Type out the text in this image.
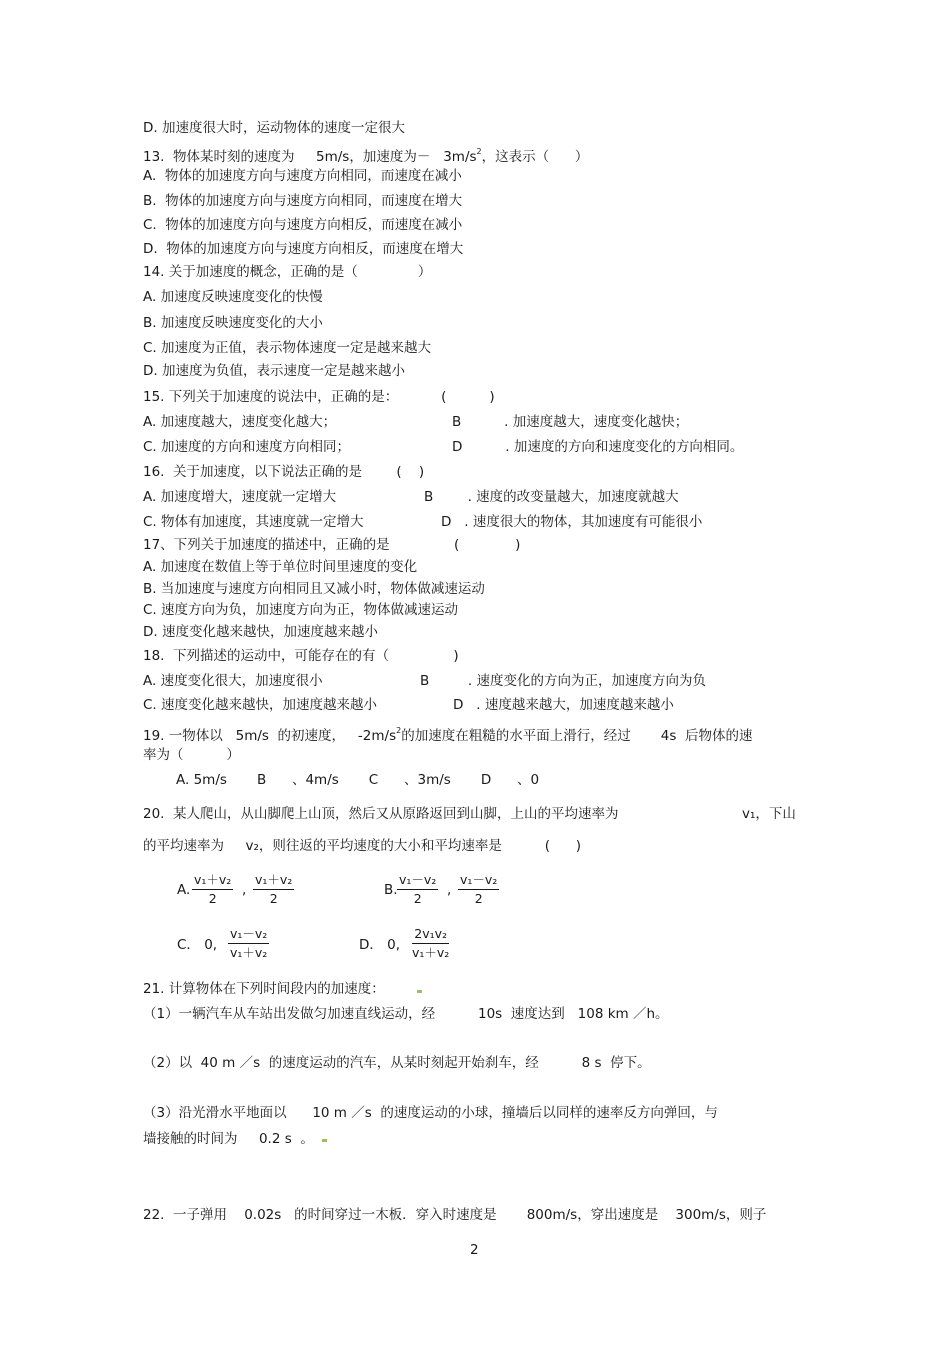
D. 加速度很大时，运动物体的速度一定很大
13.  物体某时刻的速度为     5m/s，加速度为－   $3m/s^2$，这表示（      ）
A.  物体的加速度方向与速度方向相同，而速度在减小
B.  物体的加速度方向与速度方向相同，而速度在增大
C.  物体的加速度方向与速度方向相反，而速度在减小
D.  物体的加速度方向与速度方向相反，而速度在增大
14. 关于加速度的概念，正确的是（              ）
A. 加速度反映速度变化的快慢
B. 加速度反映速度变化的大小
C. 加速度为正值，表示物体速度一定是越来越大
D. 加速度为负值，表示速度一定是越来越小
15. 下列关于加速度的说法中，正确的是：          (          )
A. 加速度越大，速度变化越大；	B          . 加速度越大，速度变化越快；
C. 加速度的方向和速度方向相同；	D          . 加速度的方向和速度变化的方向相同。
16.  关于加速度，以下说法正确的是        (    )
A. 加速度增大，速度就一定增大	B        . 速度的改变量越大，加速度就越大
C. 物体有加速度，其速度就一定增大	D   . 速度很大的物体，其加速度有可能很小
17、下列关于加速度的描述中，正确的是               (             )
A. 加速度在数值上等于单位时间里速度的变化
B. 当加速度与速度方向相同且又减小时，物体做减速运动
C. 速度方向为负，加速度方向为正，物体做减速运动
D. 速度变化越来越快，加速度越来越小
18.  下列描述的运动中，可能存在的有（               )
A. 速度变化很大，加速度很小	B         . 速度变化的方向为正，加速度方向为负
C. 速度变化越来越快，加速度越来越小	D   . 速度越来越大，加速度越来越小
19. 一物体以   5m/s  的初速度，   $-2m/s^2$的加速度在粗糙的水平面上滑行，经过       4s  后物体的速
率为（          ）
A. 5m/s       B      、4m/s       C      、3m/s       D      、0
20.  某人爬山，从山脚爬上山顶，然后又从原路返回到山脚，上山的平均速率为	v₁，下山
的平均速率为     v₂，则往返的平均速度的大小和平均速率是          (      )
A. $\frac{\text{v₁＋v₂}}{2}$ , $\frac{\text{v₁＋v₂}}{2}$	B. $\frac{\text{v₁－v₂}}{2}$ , $\frac{\text{v₁－v₂}}{2}$
C． 0, $\frac{\text{v₁－v₂}}{\text{v₁＋v₂}}$	D． 0, $\frac{\text{2v₁v₂}}{\text{v₁＋v₂}}$
21. 计算物体在下列时间段内的加速度：
（1）一辆汽车从车站出发做匀加速直线运动，经          10s  速度达到   108 km ／h。
（2）以  40 m ／s  的速度运动的汽车，从某时刻起开始刹车，经          8 s  停下。
（3）沿光滑水平地面以      10 m ／s  的速度运动的小球，撞墙后以同样的速率反方向弹回，与
墙接触的时间为     0.2 s  。
22.  一子弹用    0.02s   的时间穿过一木板．穿入时速度是       800m/s，穿出速度是    300m/s，则子
2
